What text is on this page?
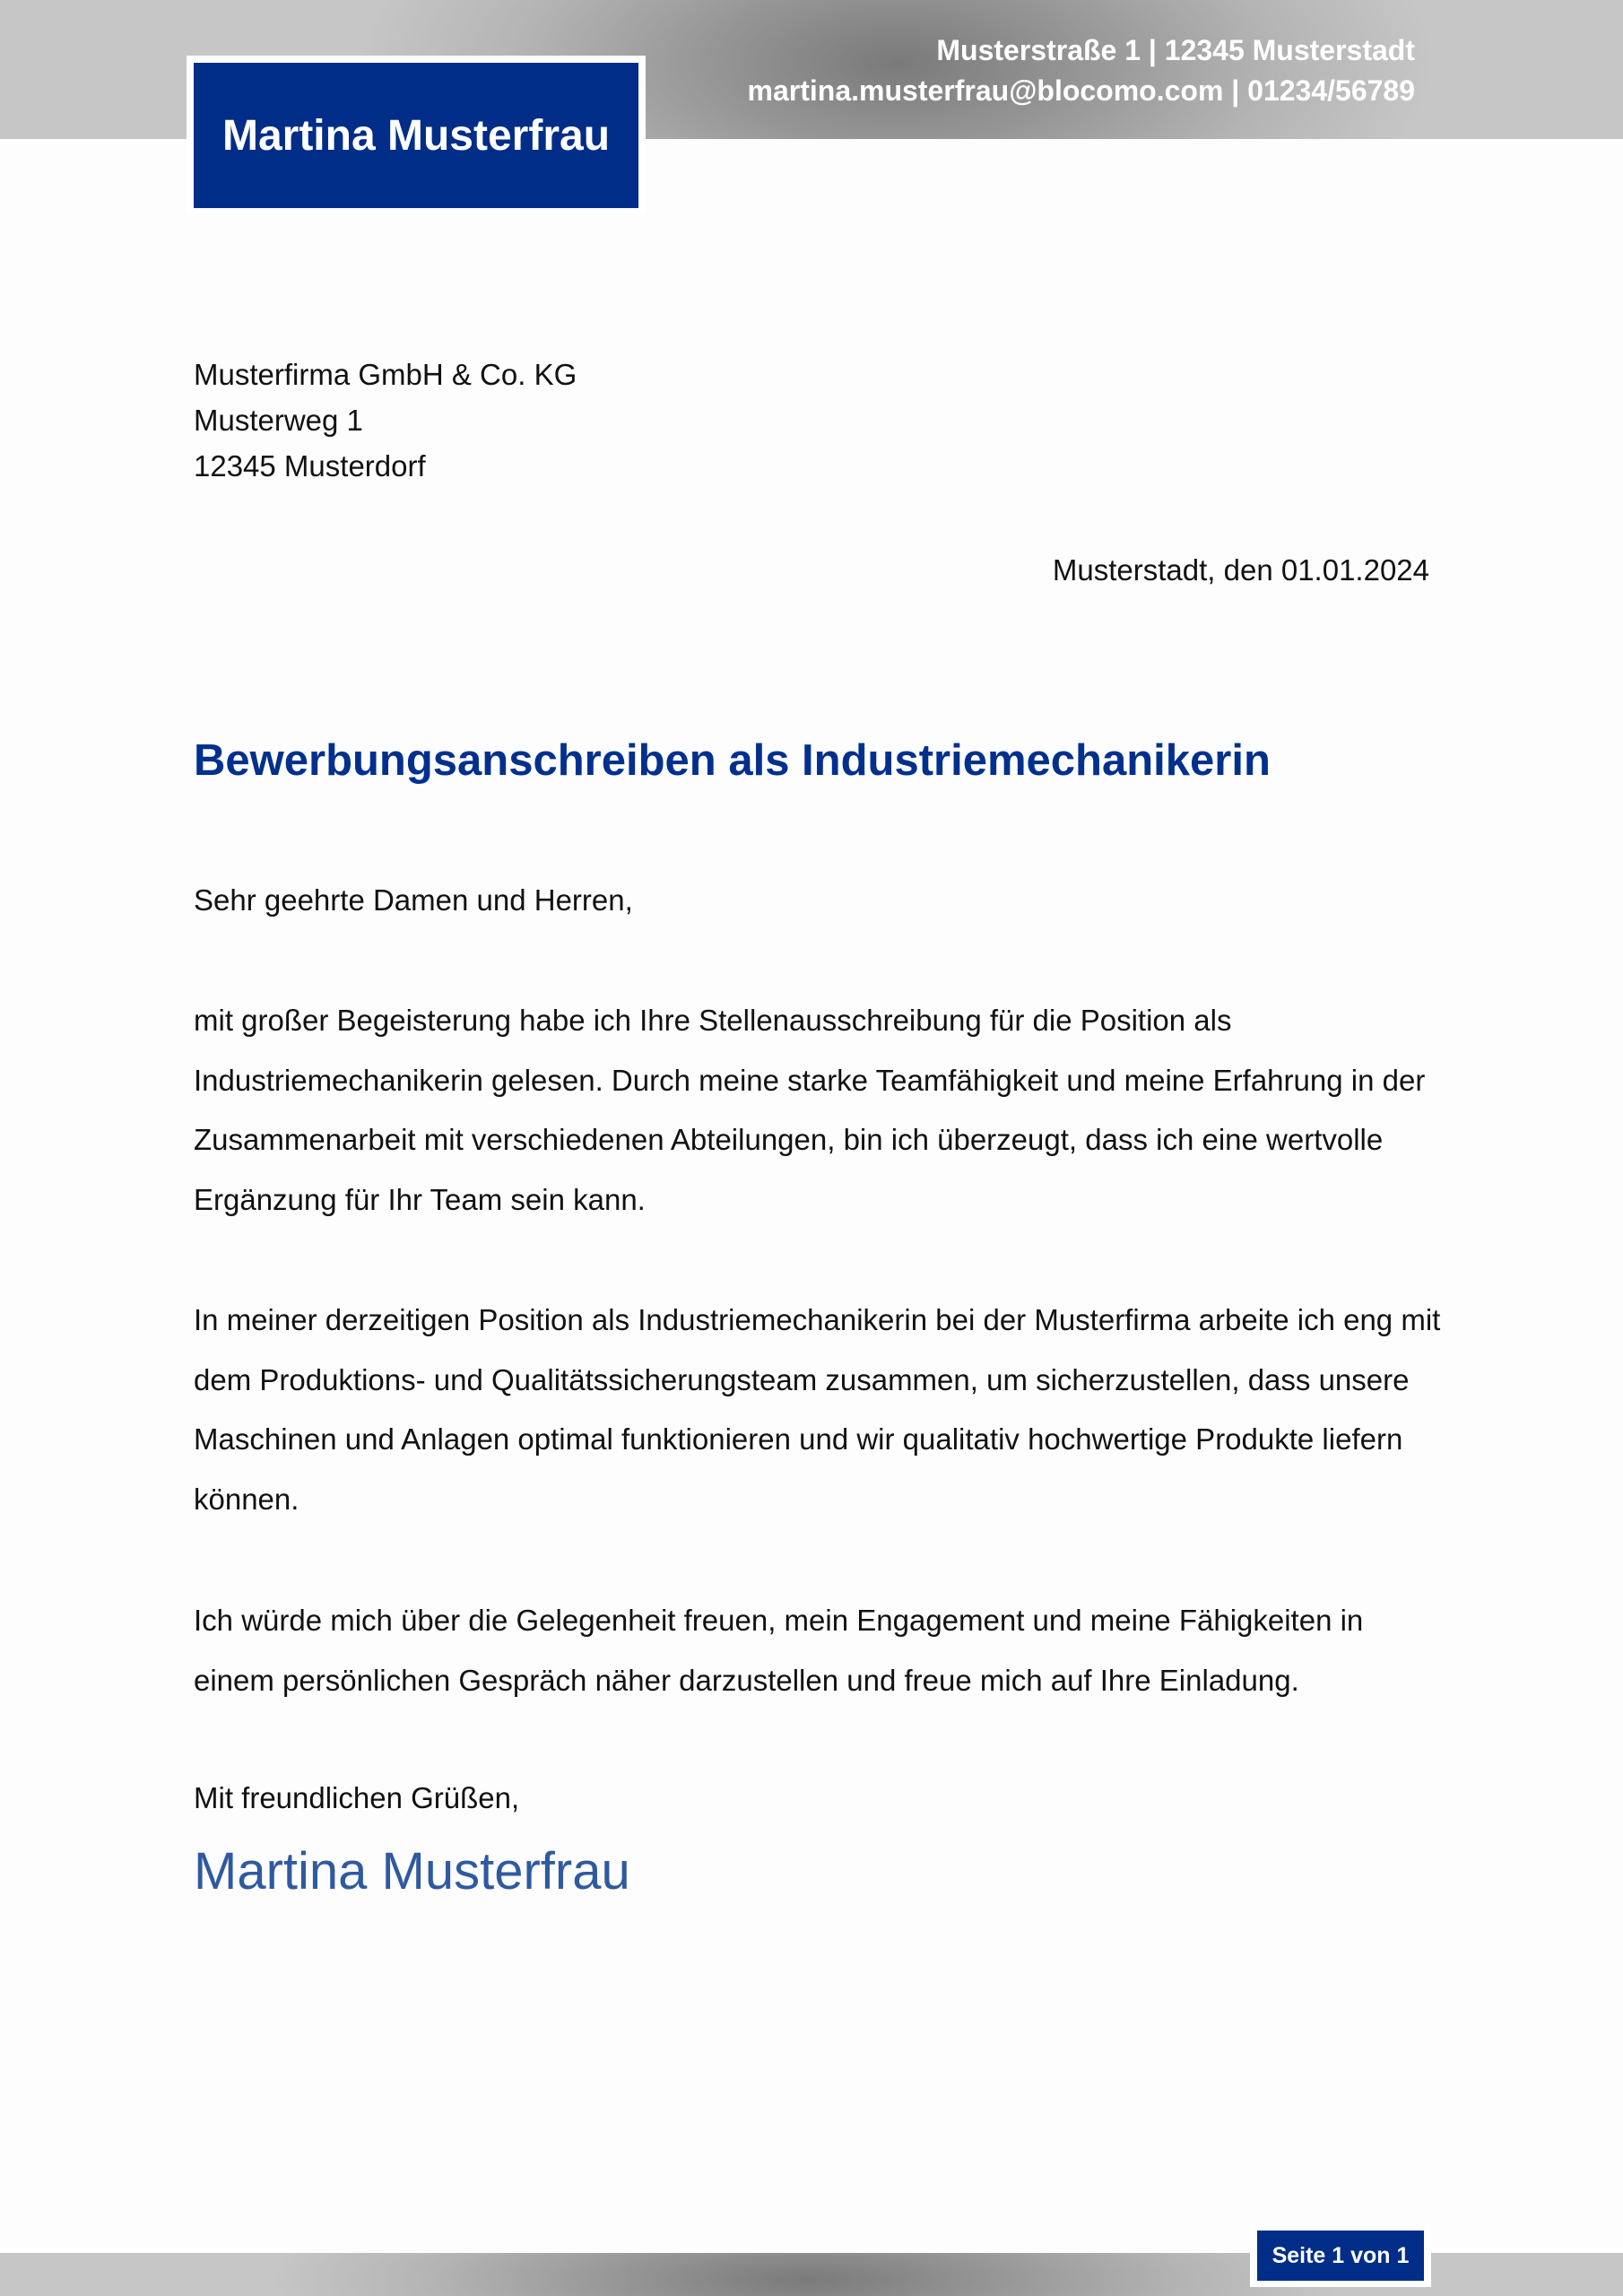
Musterstraße 1 | 12345 Musterstadt
martina.musterfrau@blocomo.com | 01234/56789
Martina Musterfrau
Musterfirma GmbH & Co. KG
Musterweg 1
12345 Musterdorf
Musterstadt, den 01.01.2024
Bewerbungsanschreiben als Industriemechanikerin
Sehr geehrte Damen und Herren,
mit großer Begeisterung habe ich Ihre Stellenausschreibung für die Position als Industriemechanikerin gelesen. Durch meine starke Teamfähigkeit und meine Erfahrung in der Zusammenarbeit mit verschiedenen Abteilungen, bin ich überzeugt, dass ich eine wertvolle Ergänzung für Ihr Team sein kann.
In meiner derzeitigen Position als Industriemechanikerin bei der Musterfirma arbeite ich eng mit dem Produktions- und Qualitätssicherungsteam zusammen, um sicherzustellen, dass unsere Maschinen und Anlagen optimal funktionieren und wir qualitativ hochwertige Produkte liefern können.
Ich würde mich über die Gelegenheit freuen, mein Engagement und meine Fähigkeiten in einem persönlichen Gespräch näher darzustellen und freue mich auf Ihre Einladung.
Mit freundlichen Grüßen,
Martina Musterfrau
Seite 1 von 1
